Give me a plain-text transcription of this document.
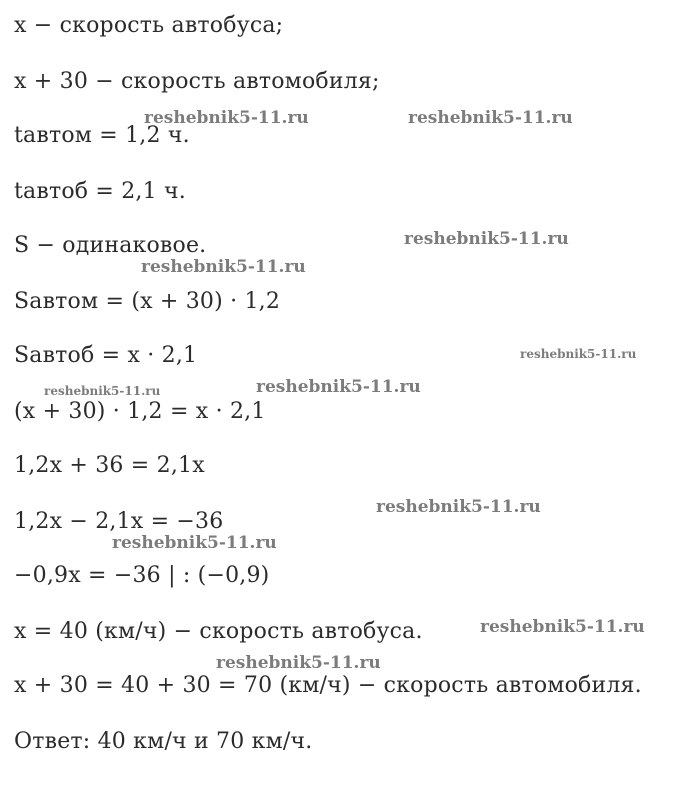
x − скорость автобуса;
x + 30 − скорость автомобиля;
tавтом = 1,2 ч.
tавтоб = 2,1 ч.
S − одинаковое.
Sавтом = (x + 30) · 1,2
Sавтоб = x · 2,1
(x + 30) · 1,2 = x · 2,1
1,2x + 36 = 2,1x
1,2x − 2,1x = −36
−0,9x = −36 | : (−0,9)
x = 40 (км/ч) − скорость автобуса.
x + 30 = 40 + 30 = 70 (км/ч) − скорость автомобиля.
Ответ: 40 км/ч и 70 км/ч.
reshebnik5-11.ru	reshebnik5-11.ru
reshebnik5-11.ru
reshebnik5-11.ru
reshebnik5-11.ru
reshebnik5-11.ru	reshebnik5-11.ru
reshebnik5-11.ru
reshebnik5-11.ru
reshebnik5-11.ru
reshebnik5-11.ru
